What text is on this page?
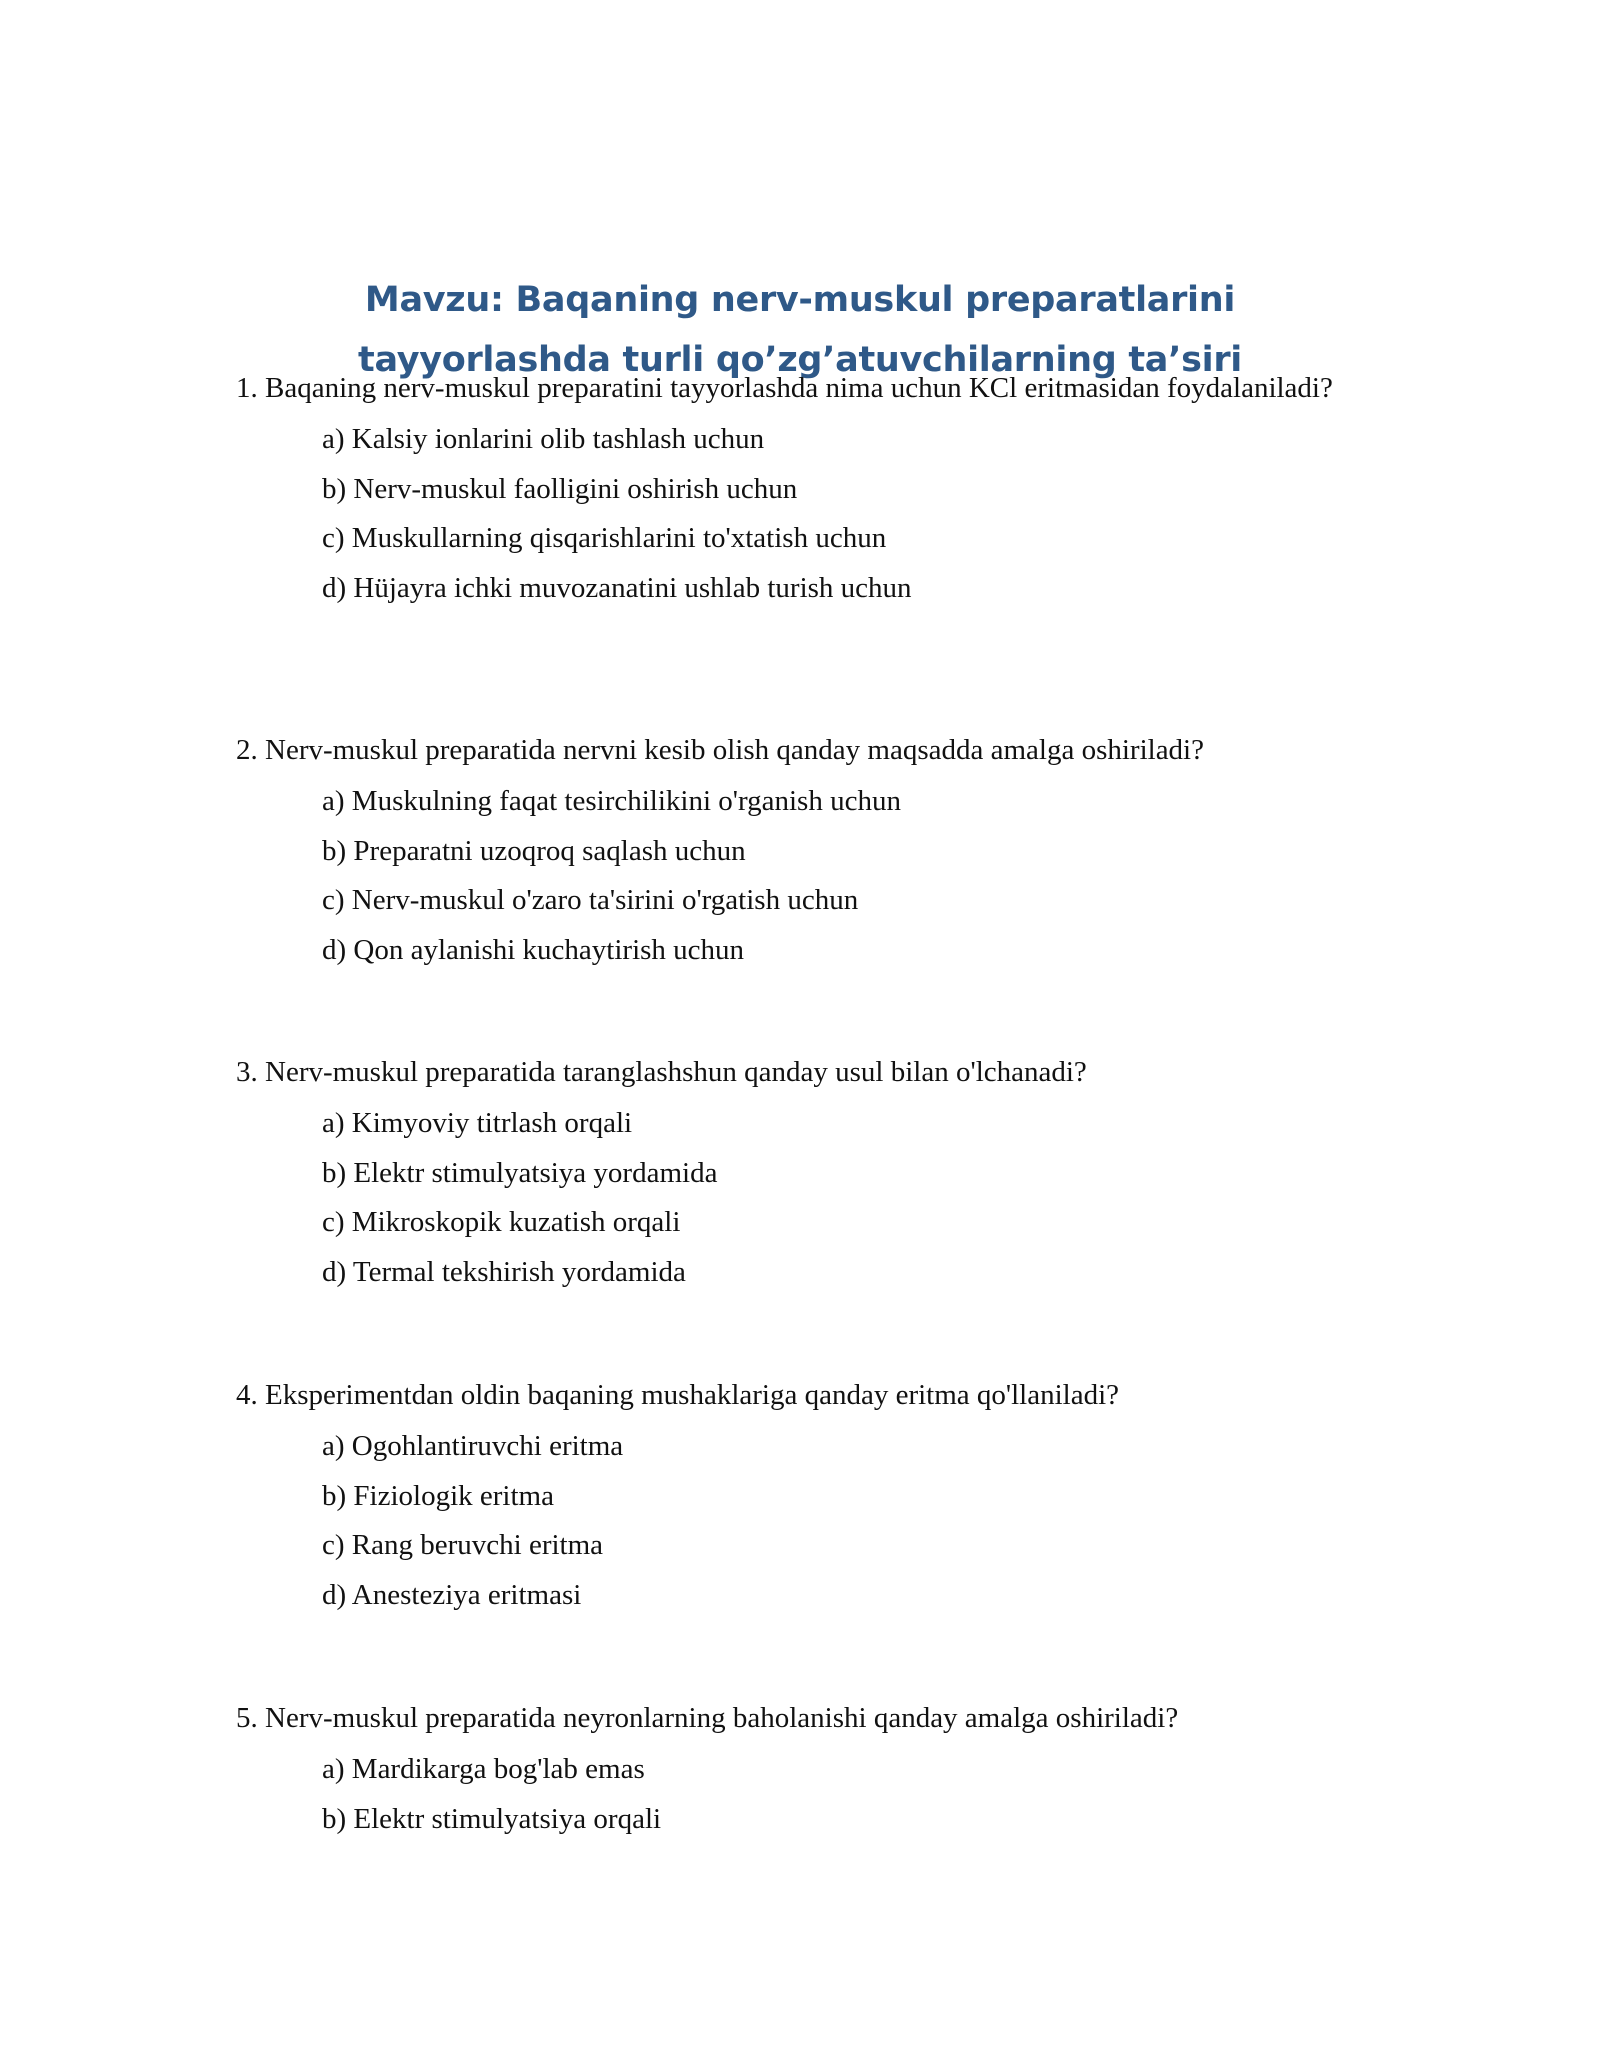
Mavzu: Baqaning nerv-muskul preparatlarini tayyorlashda turli qo’zg’atuvchilarning ta’siri

1. Baqaning nerv-muskul preparatini tayyorlashda nima uchun KCl eritmasidan foydalaniladi?

a) Kalsiy ionlarini olib tashlash uchun
b) Nerv-muskul faolligini oshirish uchun
c) Muskullarning qisqarishlarini to'xtatish uchun
d) Hüjayra ichki muvozanatini ushlab turish uchun

2. Nerv-muskul preparatida nervni kesib olish qanday maqsadda amalga oshiriladi?

a) Muskulning faqat tesirchilikini o'rganish uchun
b) Preparatni uzoqroq saqlash uchun
c) Nerv-muskul o'zaro ta'sirini o'rgatish uchun
d) Qon aylanishi kuchaytirish uchun

3. Nerv-muskul preparatida taranglashshun qanday usul bilan o'lchanadi?

a) Kimyoviy titrlash orqali
b) Elektr stimulyatsiya yordamida
c) Mikroskopik kuzatish orqali
d) Termal tekshirish yordamida

4. Eksperimentdan oldin baqaning mushaklariga qanday eritma qo'llaniladi?

a) Ogohlantiruvchi eritma
b) Fiziologik eritma
c) Rang beruvchi eritma
d) Anesteziya eritmasi

5. Nerv-muskul preparatida neyronlarning baholanishi qanday amalga oshiriladi?

a) Mardikarga bog'lab emas
b) Elektr stimulyatsiya orqali
